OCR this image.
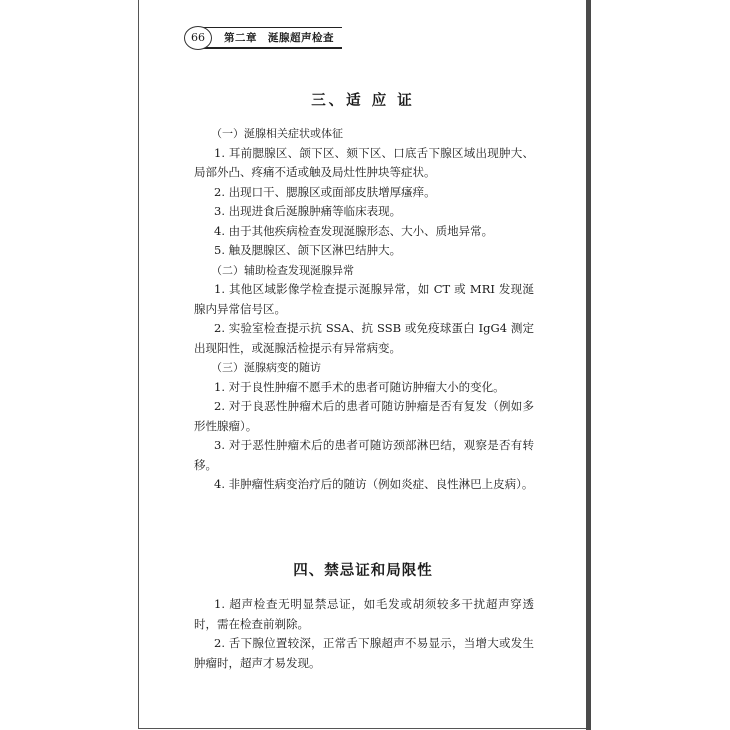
66	第二章　涎腺超声检查
三、适 应 证

（一）涎腺相关症状或体征

1. 耳前腮腺区、颌下区、颏下区、口底舌下腺区域出现肿大、局部外凸、疼痛不适或触及局灶性肿块等症状。

2. 出现口干、腮腺区或面部皮肤增厚瘙痒。

3. 出现进食后涎腺肿痛等临床表现。

4. 由于其他疾病检查发现涎腺形态、大小、质地异常。

5. 触及腮腺区、颌下区淋巴结肿大。

（二）辅助检查发现涎腺异常

1. 其他区域影像学检查提示涎腺异常，如 CT 或 MRI 发现涎腺内异常信号区。

2. 实验室检查提示抗 SSA、抗 SSB 或免疫球蛋白 IgG4 测定出现阳性，或涎腺活检提示有异常病变。

（三）涎腺病变的随访

1. 对于良性肿瘤不愿手术的患者可随访肿瘤大小的变化。

2. 对于良恶性肿瘤术后的患者可随访肿瘤是否有复发（例如多形性腺瘤）。

3. 对于恶性肿瘤术后的患者可随访颈部淋巴结，观察是否有转移。

4. 非肿瘤性病变治疗后的随访（例如炎症、良性淋巴上皮病）。

四、禁忌证和局限性

1. 超声检查无明显禁忌证，如毛发或胡须较多干扰超声穿透时，需在检查前剃除。

2. 舌下腺位置较深，正常舌下腺超声不易显示，当增大或发生肿瘤时，超声才易发现。
